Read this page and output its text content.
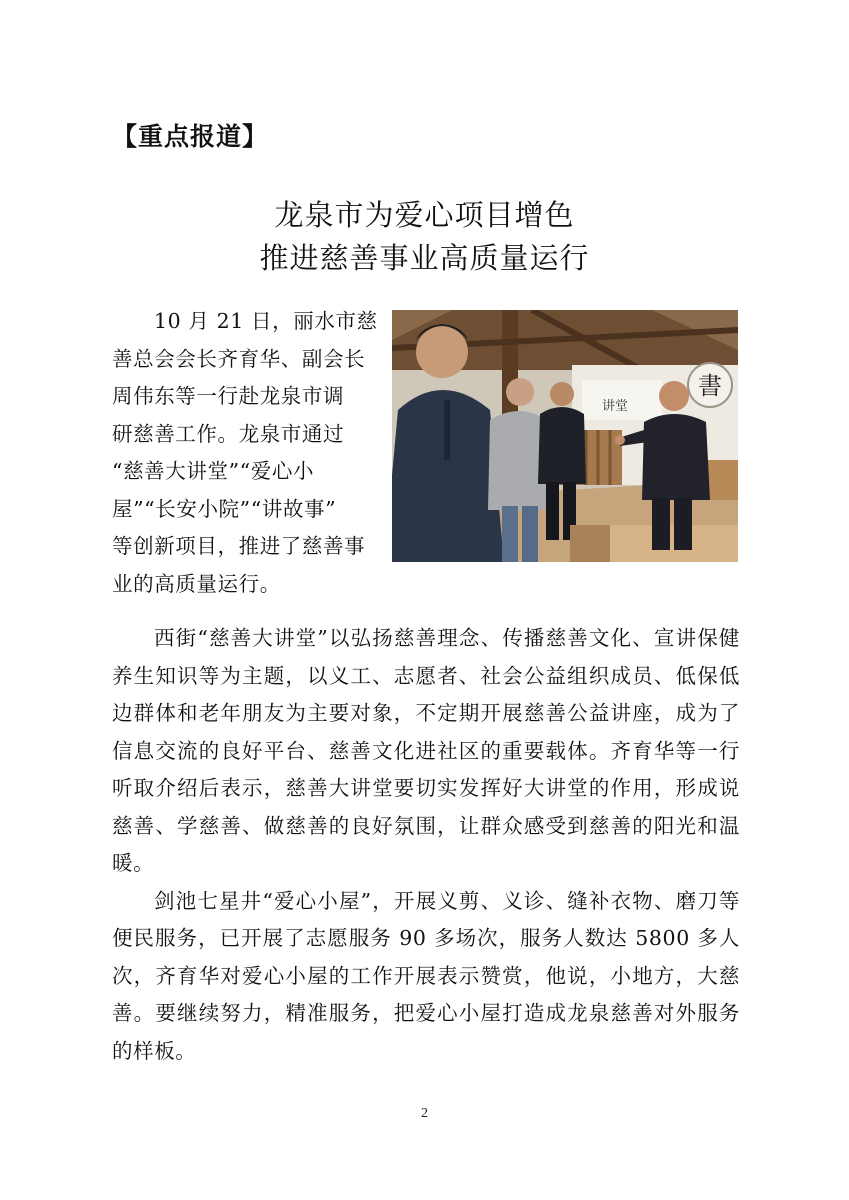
【重点报道】
龙泉市为爱心项目增色
推进慈善事业高质量运行
10 月 21 日，丽水市慈
善总会会长齐育华、副会长
周伟东等一行赴龙泉市调
研慈善工作。龙泉市通过
“慈善大讲堂”“爱心小
屋”“长安小院”“讲故事”
等创新项目，推进了慈善事
业的高质量运行。
書
讲堂

西街“慈善大讲堂”以弘扬慈善理念、传播慈善文化、宣讲保健养生知识等为主题，以义工、志愿者、社会公益组织成员、低保低边群体和老年朋友为主要对象，不定期开展慈善公益讲座，成为了信息交流的良好平台、慈善文化进社区的重要载体。齐育华等一行听取介绍后表示，慈善大讲堂要切实发挥好大讲堂的作用，形成说慈善、学慈善、做慈善的良好氛围，让群众感受到慈善的阳光和温暖。

剑池七星井“爱心小屋”，开展义剪、义诊、缝补衣物、磨刀等便民服务，已开展了志愿服务 90 多场次，服务人数达 5800 多人次，齐育华对爱心小屋的工作开展表示赞赏，他说，小地方，大慈善。要继续努力，精准服务，把爱心小屋打造成龙泉慈善对外服务的样板。

2
